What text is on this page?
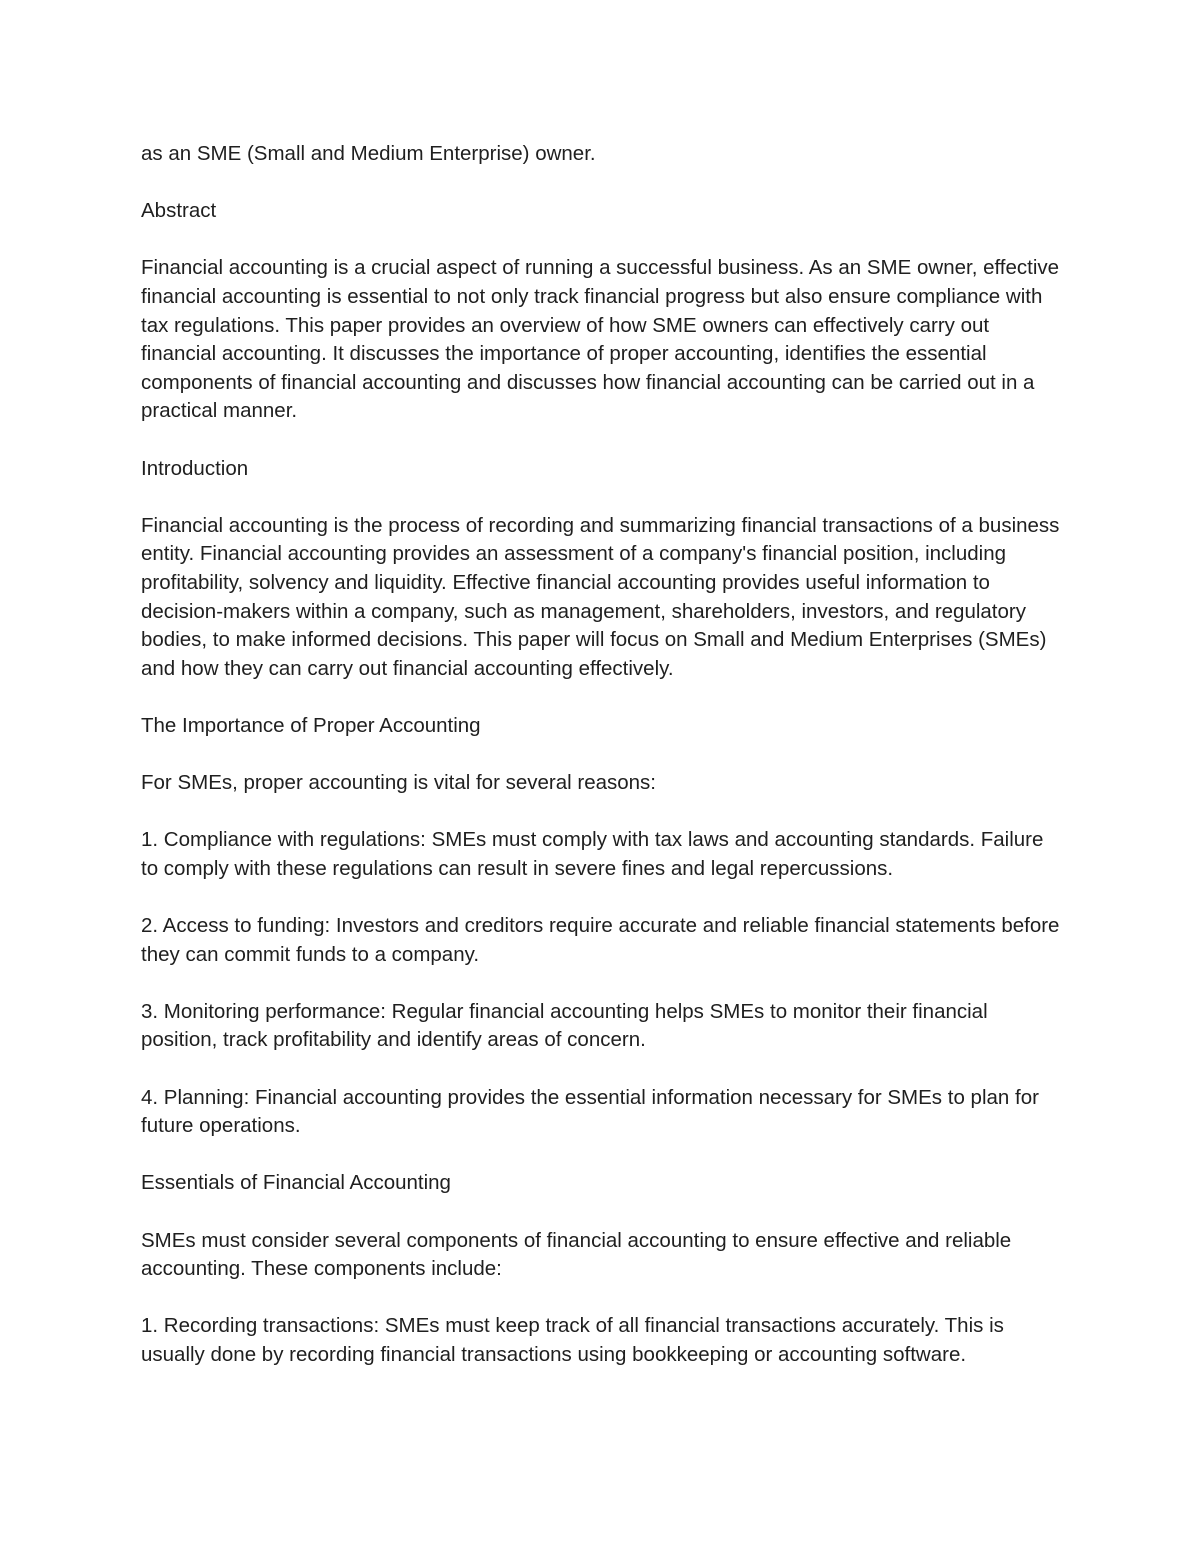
as an SME (Small and Medium Enterprise) owner.

Abstract

Financial accounting is a crucial aspect of running a successful business. As an SME owner, effective financial accounting is essential to not only track financial progress but also ensure compliance with tax regulations. This paper provides an overview of how SME owners can effectively carry out financial accounting. It discusses the importance of proper accounting, identifies the essential components of financial accounting and discusses how financial accounting can be carried out in a practical manner.

Introduction

Financial accounting is the process of recording and summarizing financial transactions of a business entity. Financial accounting provides an assessment of a company's financial position, including profitability, solvency and liquidity. Effective financial accounting provides useful information to decision-makers within a company, such as management, shareholders, investors, and regulatory bodies, to make informed decisions. This paper will focus on Small and Medium Enterprises (SMEs) and how they can carry out financial accounting effectively.

The Importance of Proper Accounting

For SMEs, proper accounting is vital for several reasons:

1. Compliance with regulations: SMEs must comply with tax laws and accounting standards. Failure to comply with these regulations can result in severe fines and legal repercussions.

2. Access to funding: Investors and creditors require accurate and reliable financial statements before they can commit funds to a company.

3. Monitoring performance: Regular financial accounting helps SMEs to monitor their financial position, track profitability and identify areas of concern.

4. Planning: Financial accounting provides the essential information necessary for SMEs to plan for future operations.

Essentials of Financial Accounting

SMEs must consider several components of financial accounting to ensure effective and reliable accounting. These components include:

1. Recording transactions: SMEs must keep track of all financial transactions accurately. This is usually done by recording financial transactions using bookkeeping or accounting software.
